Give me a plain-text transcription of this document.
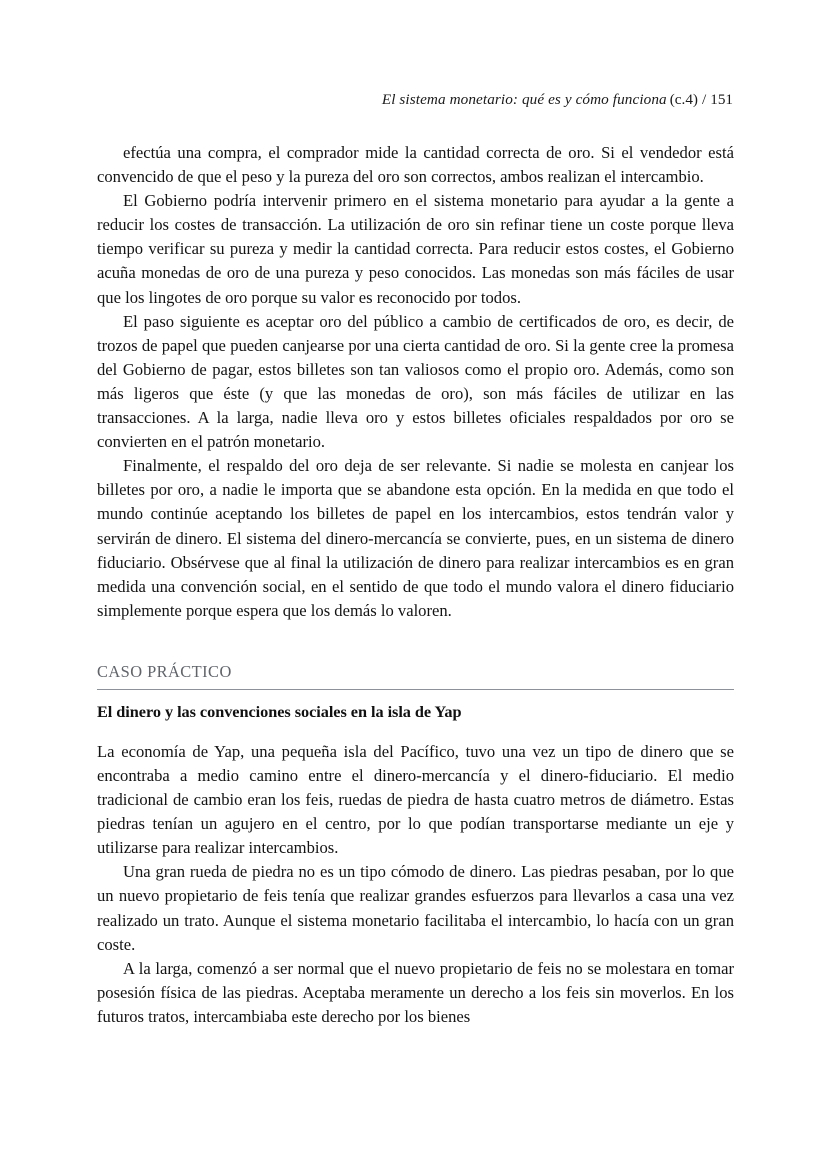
El sistema monetario: qué es y cómo funciona (c.4) / 151

efectúa una compra, el comprador mide la cantidad correcta de oro. Si el vendedor está convencido de que el peso y la pureza del oro son correctos, ambos realizan el intercambio.

El Gobierno podría intervenir primero en el sistema monetario para ayudar a la gente a reducir los costes de transacción. La utilización de oro sin refinar tiene un coste porque lleva tiempo verificar su pureza y medir la cantidad correcta. Para reducir estos costes, el Gobierno acuña monedas de oro de una pureza y peso conocidos. Las monedas son más fáciles de usar que los lingotes de oro porque su valor es reconocido por todos.

El paso siguiente es aceptar oro del público a cambio de certificados de oro, es decir, de trozos de papel que pueden canjearse por una cierta cantidad de oro. Si la gente cree la promesa del Gobierno de pagar, estos billetes son tan valiosos como el propio oro. Además, como son más ligeros que éste (y que las monedas de oro), son más fáciles de utilizar en las transacciones. A la larga, nadie lleva oro y estos billetes oficiales respaldados por oro se convierten en el patrón monetario.

Finalmente, el respaldo del oro deja de ser relevante. Si nadie se molesta en canjear los billetes por oro, a nadie le importa que se abandone esta opción. En la medida en que todo el mundo continúe aceptando los billetes de papel en los intercambios, estos tendrán valor y servirán de dinero. El sistema del dinero-mercancía se convierte, pues, en un sistema de dinero fiduciario. Obsérvese que al final la utilización de dinero para realizar intercambios es en gran medida una convención social, en el sentido de que todo el mundo valora el dinero fiduciario simplemente porque espera que los demás lo valoren.

CASO PRÁCTICO
El dinero y las convenciones sociales en la isla de Yap

La economía de Yap, una pequeña isla del Pacífico, tuvo una vez un tipo de dinero que se encontraba a medio camino entre el dinero-mercancía y el dinero-fiduciario. El medio tradicional de cambio eran los feis, ruedas de piedra de hasta cuatro metros de diámetro. Estas piedras tenían un agujero en el centro, por lo que podían transportarse mediante un eje y utilizarse para realizar intercambios.

Una gran rueda de piedra no es un tipo cómodo de dinero. Las piedras pesaban, por lo que un nuevo propietario de feis tenía que realizar grandes esfuerzos para llevarlos a casa una vez realizado un trato. Aunque el sistema monetario facilitaba el intercambio, lo hacía con un gran coste.

A la larga, comenzó a ser normal que el nuevo propietario de feis no se molestara en tomar posesión física de las piedras. Aceptaba meramente un derecho a los feis sin moverlos. En los futuros tratos, intercambiaba este derecho por los bienes
